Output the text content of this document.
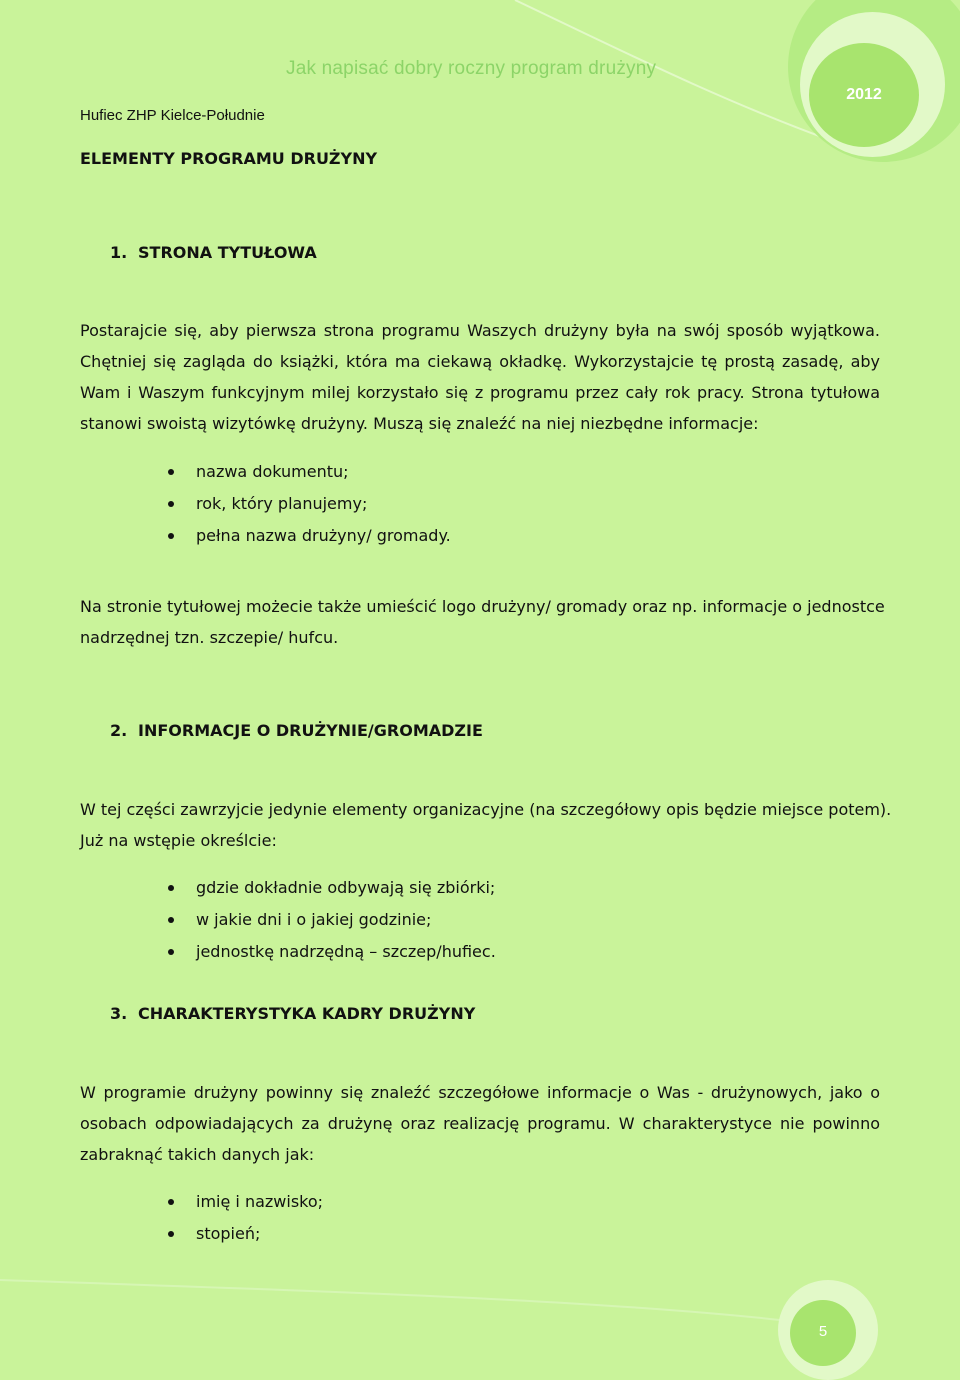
2012
Jak napisać dobry roczny program drużyny
Hufiec ZHP Kielce-Południe
ELEMENTY PROGRAMU DRUŻYNY
1. STRONA TYTUŁOWA
Postarajcie się, aby pierwsza strona programu Waszych drużyny była na swój sposób wyjątkowa.
Chętniej się zagląda do książki, która ma ciekawą okładkę. Wykorzystajcie tę prostą zasadę, aby
Wam i Waszym funkcyjnym milej korzystało się z programu przez cały rok pracy. Strona tytułowa
stanowi swoistą wizytówkę drużyny. Muszą się znaleźć na niej niezbędne informacje:
nazwa dokumentu;
rok, który planujemy;
pełna nazwa drużyny/ gromady.
Na stronie tytułowej możecie także umieścić logo drużyny/ gromady oraz np. informacje o jednostce
nadrzędnej tzn. szczepie/ hufcu.
2. INFORMACJE O DRUŻYNIE/GROMADZIE
W tej części zawrzyjcie jedynie elementy organizacyjne (na szczegółowy opis będzie miejsce potem).
Już na wstępie określcie:
gdzie dokładnie odbywają się zbiórki;
w jakie dni i o jakiej godzinie;
jednostkę nadrzędną – szczep/hufiec.
3. CHARAKTERYSTYKA KADRY DRUŻYNY
W programie drużyny powinny się znaleźć szczegółowe informacje o Was - drużynowych, jako o
osobach odpowiadających za drużynę oraz realizację programu. W charakterystyce nie powinno
zabraknąć takich danych jak:
imię i nazwisko;
stopień;
5
